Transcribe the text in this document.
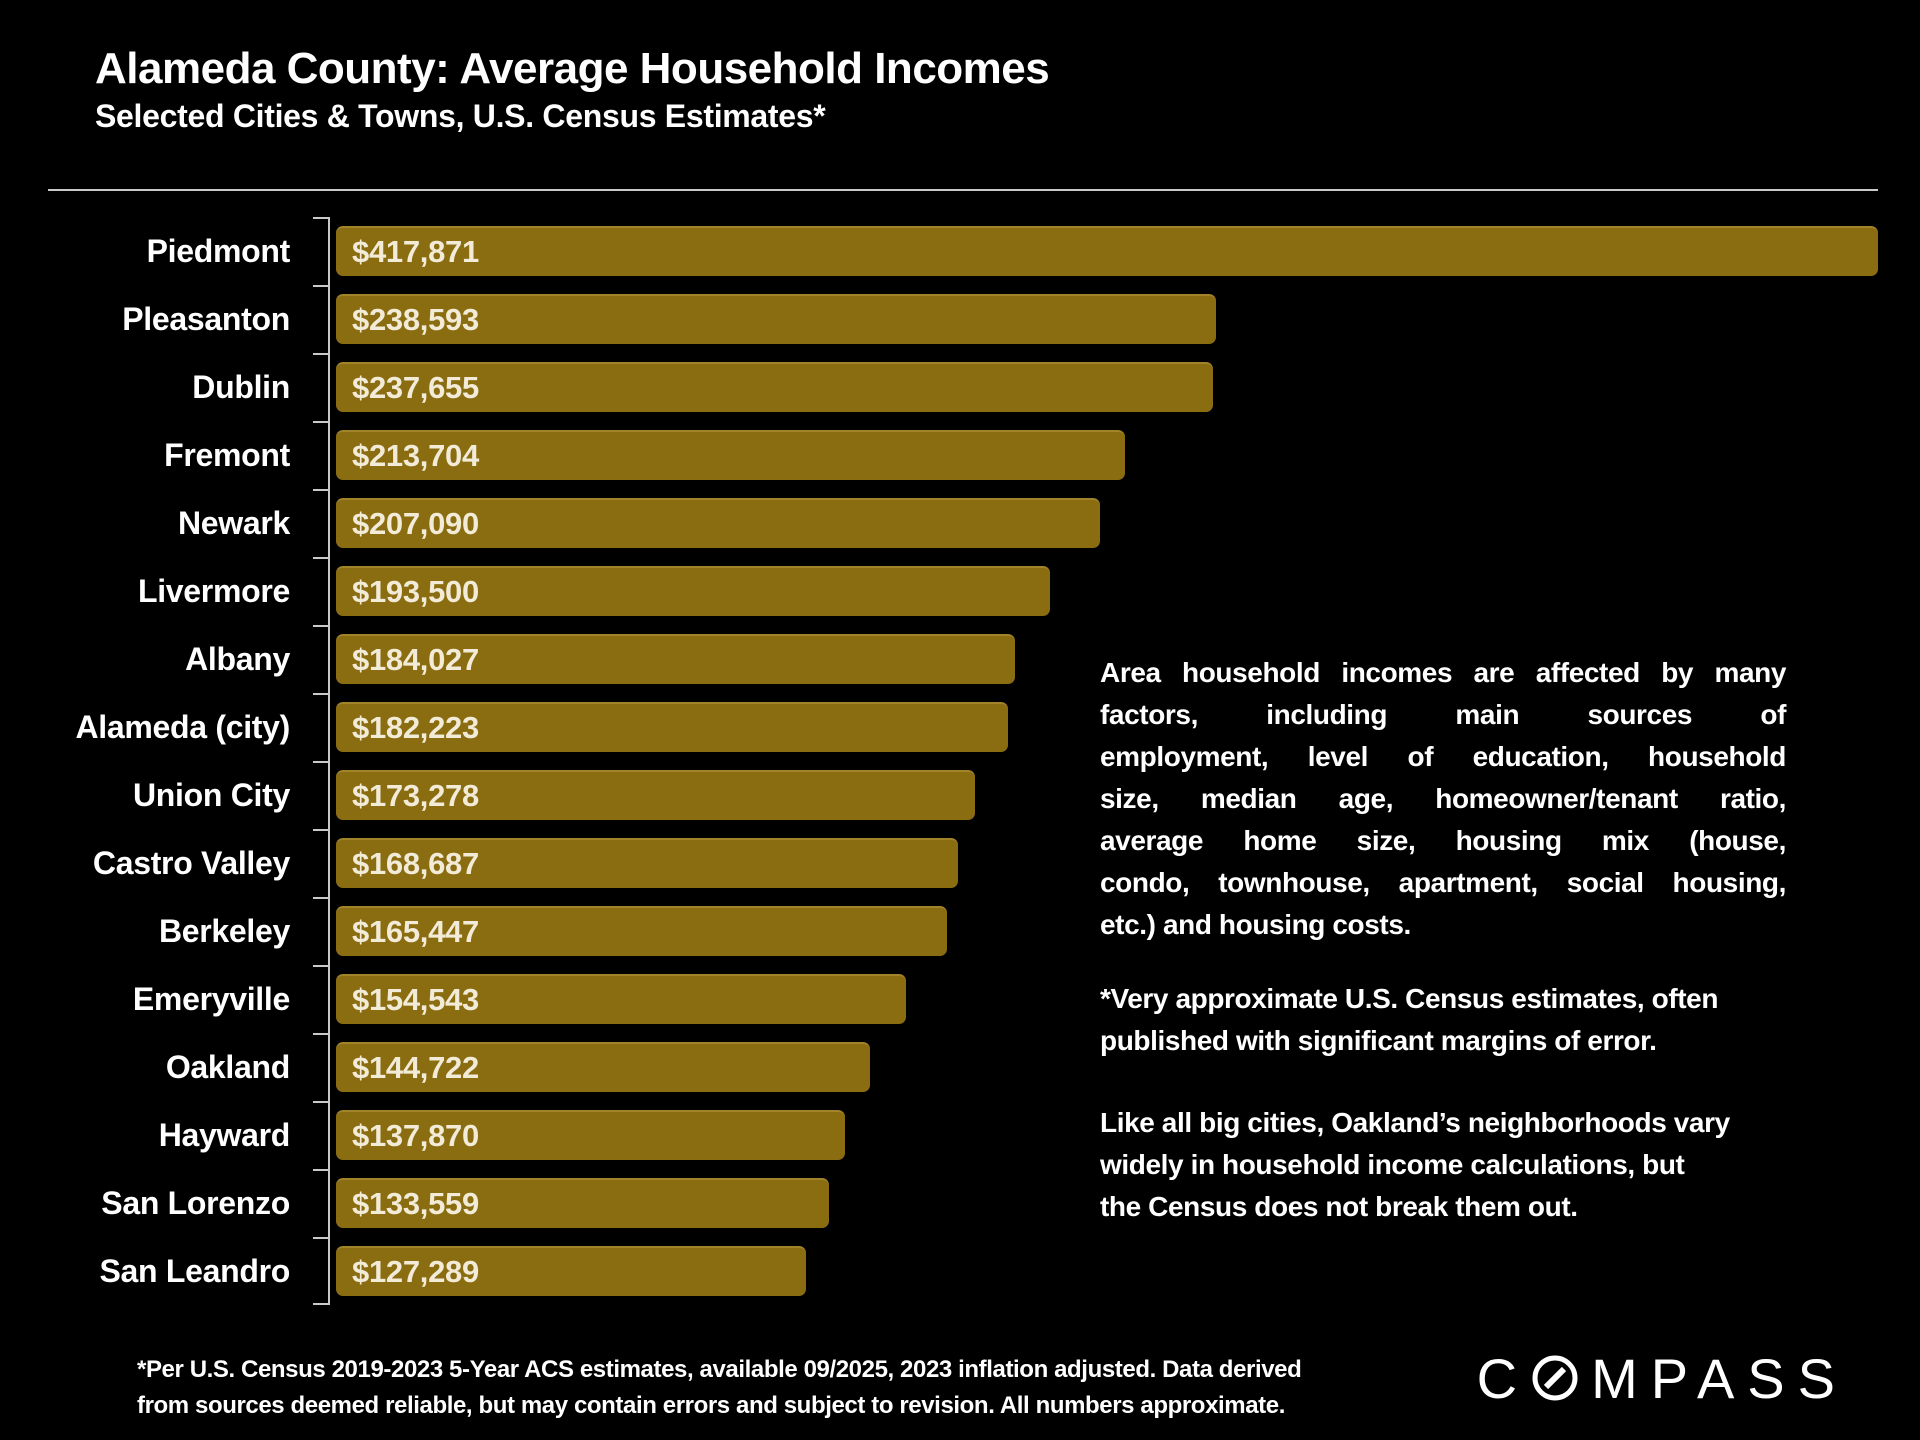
Alameda County: Average Household Incomes
Selected Cities & Towns, U.S. Census Estimates*
Piedmont	$417,871
Pleasanton	$238,593
Dublin	$237,655
Fremont	$213,704
Newark	$207,090
Livermore	$193,500
Albany	$184,027
Alameda (city)	$182,223
Union City	$173,278
Castro Valley	$168,687
Berkeley	$165,447
Emeryville	$154,543
Oakland	$144,722
Hayward	$137,870
San Lorenzo	$133,559
San Leandro	$127,289
Area household incomes are affected by many
factors, including main sources of
employment, level of education, household
size, median age, homeowner/tenant ratio,
average home size, housing mix (house,
condo, townhouse, apartment, social housing,
etc.) and housing costs.
*Very approximate U.S. Census estimates, often
published with significant margins of error.
Like all big cities, Oakland’s neighborhoods vary
widely in household income calculations, but
the Census does not break them out.
*Per U.S. Census 2019-2023 5-Year ACS estimates, available 09/2025, 2023 inflation adjusted. Data derived
from sources deemed reliable, but may contain errors and subject to revision. All numbers approximate.	C MPASS
